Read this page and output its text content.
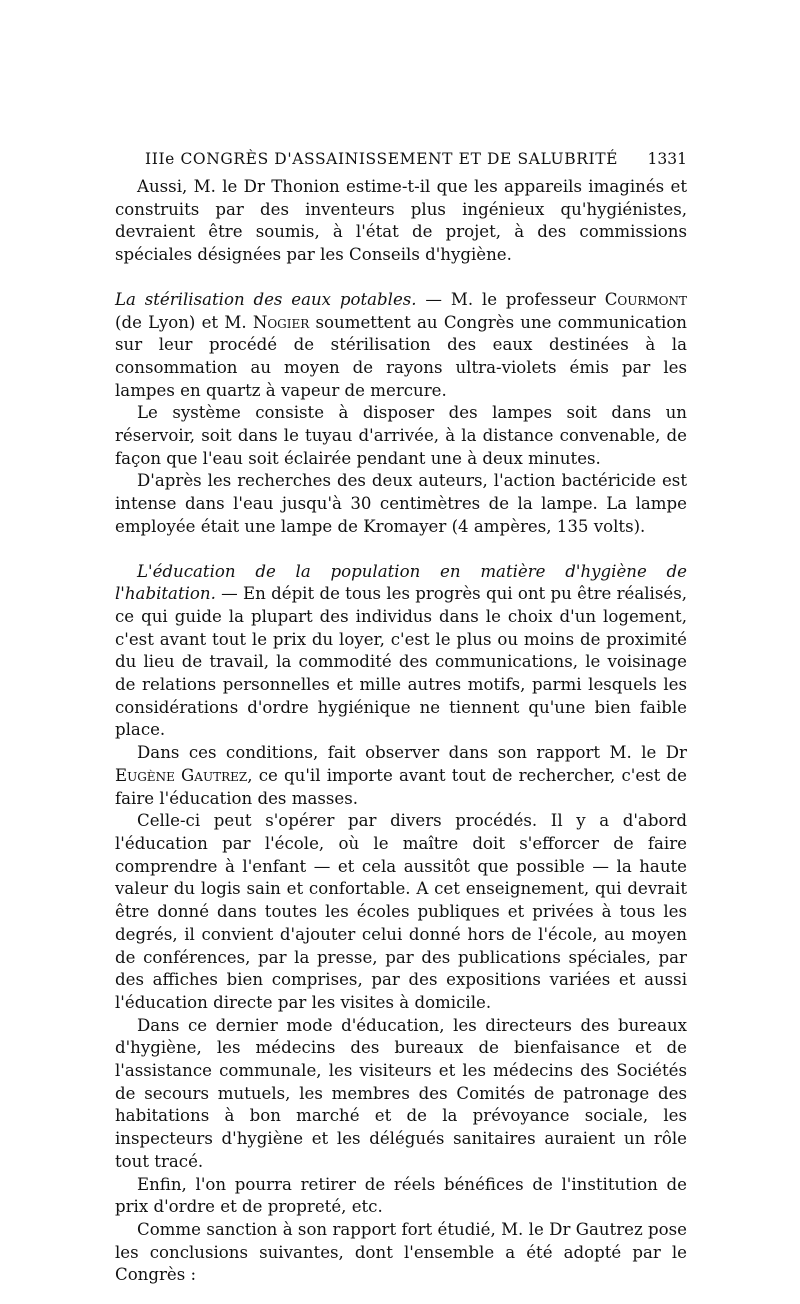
IIIe CONGRÈS D'ASSAINISSEMENT ET DE SALUBRITÉ 1331

Aussi, M. le Dr Thonion estime-t-il que les appareils imaginés et construits par des inventeurs plus ingénieux qu'hygiénistes, devraient être soumis, à l'état de projet, à des commissions spéciales désignées par les Conseils d'hygiène.

La stérilisation des eaux potables. — M. le professeur Courmont (de Lyon) et M. Nogier soumettent au Congrès une communication sur leur procédé de stérilisation des eaux destinées à la consommation au moyen de rayons ultra-violets émis par les lampes en quartz à vapeur de mercure.

Le système consiste à disposer des lampes soit dans un réservoir, soit dans le tuyau d'arrivée, à la distance convenable, de façon que l'eau soit éclairée pendant une à deux minutes.

D'après les recherches des deux auteurs, l'action bactéricide est intense dans l'eau jusqu'à 30 centimètres de la lampe. La lampe employée était une lampe de Kromayer (4 ampères, 135 volts).

L'éducation de la population en matière d'hygiène de l'habitation. — En dépit de tous les progrès qui ont pu être réalisés, ce qui guide la plupart des individus dans le choix d'un logement, c'est avant tout le prix du loyer, c'est le plus ou moins de proximité du lieu de travail, la commodité des communications, le voisinage de relations personnelles et mille autres motifs, parmi lesquels les considérations d'ordre hygiénique ne tiennent qu'une bien faible place.

Dans ces conditions, fait observer dans son rapport M. le Dr Eugène Gautrez, ce qu'il importe avant tout de rechercher, c'est de faire l'éducation des masses.

Celle-ci peut s'opérer par divers procédés. Il y a d'abord l'éducation par l'école, où le maître doit s'efforcer de faire comprendre à l'enfant — et cela aussitôt que possible — la haute valeur du logis sain et confortable. A cet enseignement, qui devrait être donné dans toutes les écoles publiques et privées à tous les degrés, il convient d'ajouter celui donné hors de l'école, au moyen de conférences, par la presse, par des publications spéciales, par des affiches bien comprises, par des expositions variées et aussi l'éducation directe par les visites à domicile.

Dans ce dernier mode d'éducation, les directeurs des bureaux d'hygiène, les médecins des bureaux de bienfaisance et de l'assistance communale, les visiteurs et les médecins des Sociétés de secours mutuels, les membres des Comités de patronage des habitations à bon marché et de la prévoyance sociale, les inspecteurs d'hygiène et les délégués sanitaires auraient un rôle tout tracé.

Enfin, l'on pourra retirer de réels bénéfices de l'institution de prix d'ordre et de propreté, etc.

Comme sanction à son rapport fort étudié, M. le Dr Gautrez pose les conclusions suivantes, dont l'ensemble a été adopté par le Congrès :
